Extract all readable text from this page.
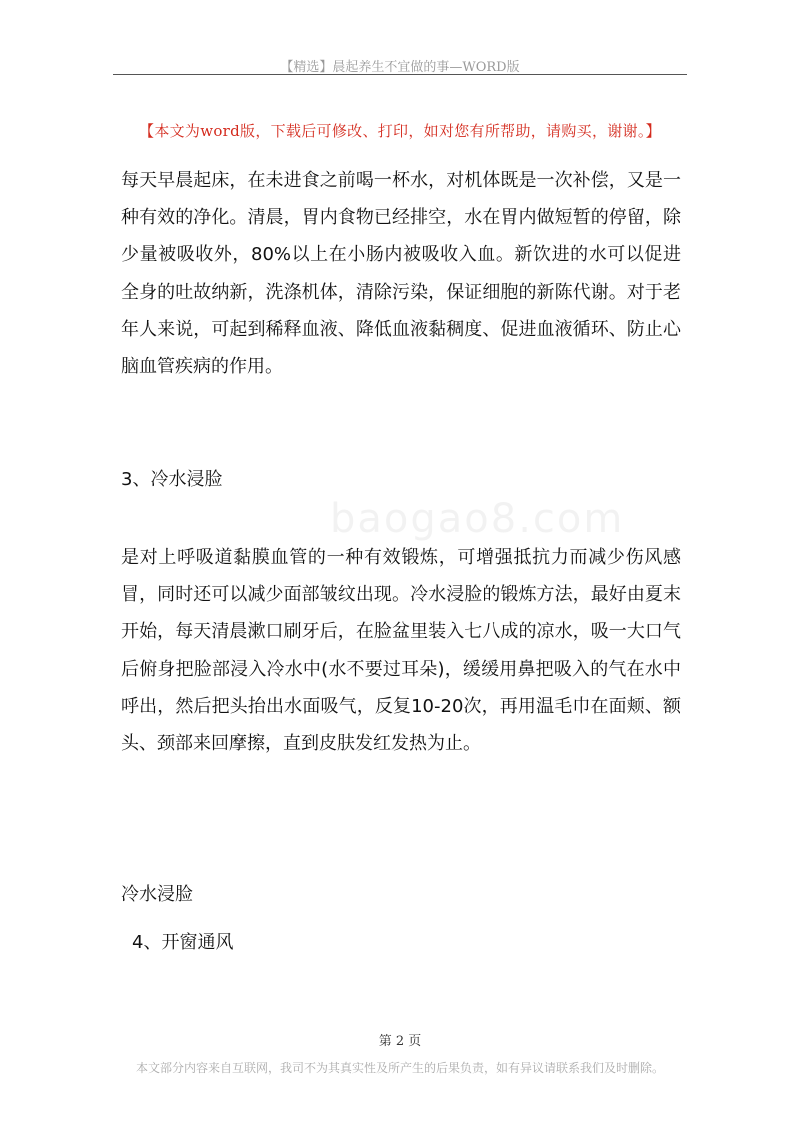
【精选】晨起养生不宜做的事—WORD版
【本文为word版，下载后可修改、打印，如对您有所帮助，请购买，谢谢。】

每天早晨起床，在未进食之前喝一杯水，对机体既是一次补偿，又是一种有效的净化。清晨，胃内食物已经排空，水在胃内做短暂的停留，除少量被吸收外，80%以上在小肠内被吸收入血。新饮进的水可以促进全身的吐故纳新，洗涤机体，清除污染，保证细胞的新陈代谢。对于老年人来说，可起到稀释血液、降低血液黏稠度、促进血液循环、防止心脑血管疾病的作用。

3、冷水浸脸
baogao8.com

是对上呼吸道黏膜血管的一种有效锻炼，可增强抵抗力而减少伤风感冒，同时还可以减少面部皱纹出现。冷水浸脸的锻炼方法，最好由夏末开始，每天清晨漱口刷牙后，在脸盆里装入七八成的凉水，吸一大口气后俯身把脸部浸入冷水中(水不要过耳朵)，缓缓用鼻把吸入的气在水中呼出，然后把头抬出水面吸气，反复10-20次，再用温毛巾在面颊、额头、颈部来回摩擦，直到皮肤发红发热为止。

冷水浸脸
4、开窗通风
第 2 页
本文部分内容来自互联网，我司不为其真实性及所产生的后果负责，如有异议请联系我们及时删除。
